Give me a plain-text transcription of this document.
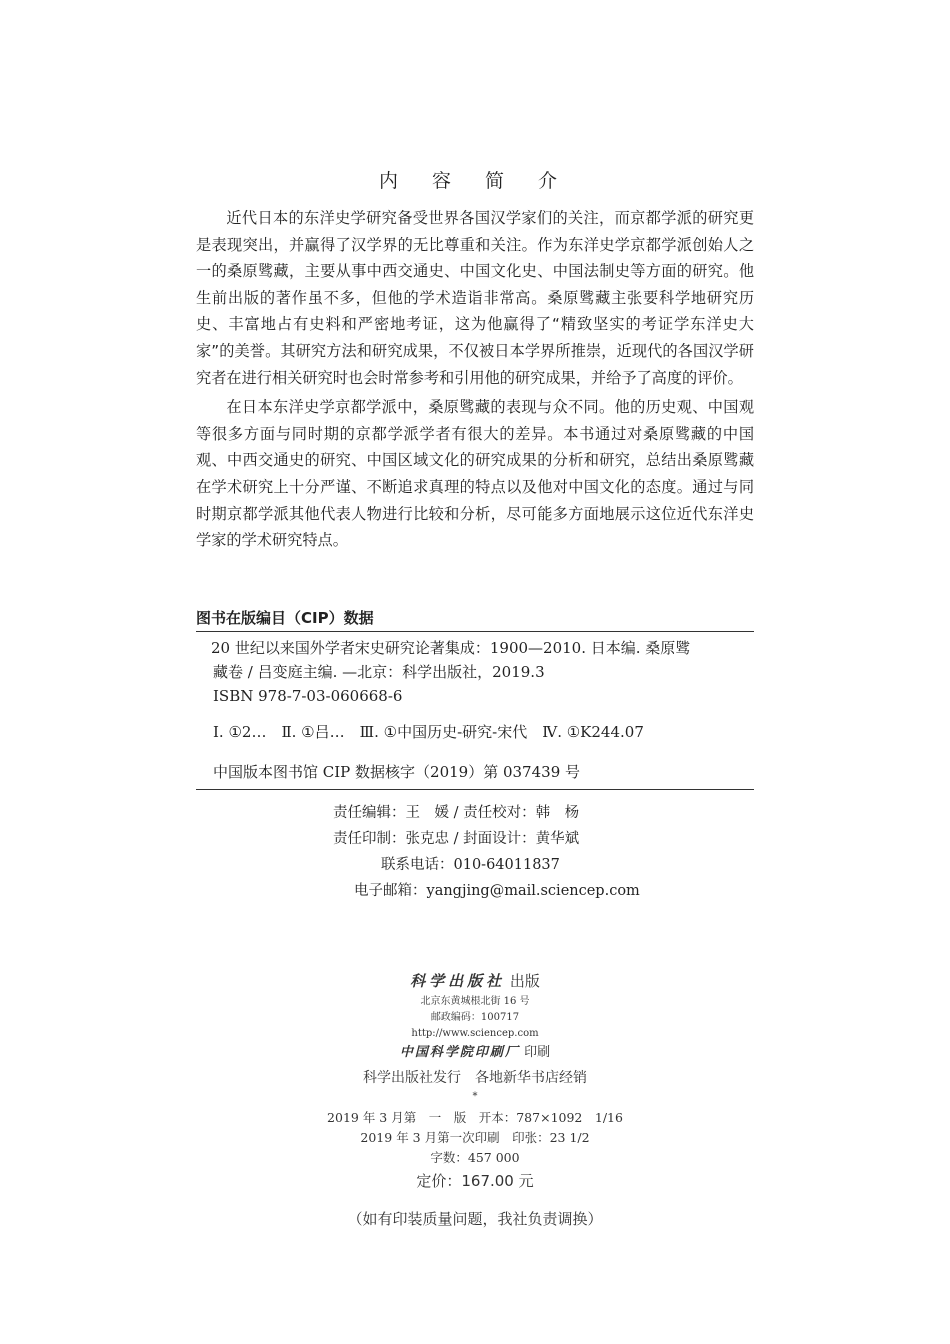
内 容 简 介

近代日本的东洋史学研究备受世界各国汉学家们的关注，而京都学派的研究更是表现突出，并赢得了汉学界的无比尊重和关注。作为东洋史学京都学派创始人之一的桑原骘藏，主要从事中西交通史、中国文化史、中国法制史等方面的研究。他生前出版的著作虽不多，但他的学术造诣非常高。桑原骘藏主张要科学地研究历史、丰富地占有史料和严密地考证，这为他赢得了“精致坚实的考证学东洋史大家”的美誉。其研究方法和研究成果，不仅被日本学界所推崇，近现代的各国汉学研究者在进行相关研究时也会时常参考和引用他的研究成果，并给予了高度的评价。

在日本东洋史学京都学派中，桑原骘藏的表现与众不同。他的历史观、中国观等很多方面与同时期的京都学派学者有很大的差异。本书通过对桑原骘藏的中国观、中西交通史的研究、中国区域文化的研究成果的分析和研究，总结出桑原骘藏在学术研究上十分严谨、不断追求真理的特点以及他对中国文化的态度。通过与同时期京都学派其他代表人物进行比较和分析，尽可能多方面地展示这位近代东洋史学家的学术研究特点。

图书在版编目（CIP）数据
20 世纪以来国外学者宋史研究论著集成：1900—2010. 日本编. 桑原骘
藏卷 / 吕变庭主编. —北京：科学出版社，2019.3
ISBN 978-7-03-060668-6
Ⅰ. ①2…　Ⅱ. ①吕…　Ⅲ. ①中国历史-研究-宋代　Ⅳ. ①K244.07
中国版本图书馆 CIP 数据核字（2019）第 037439 号
责任编辑：王　媛 / 责任校对：韩　杨
责任印制：张克忠 / 封面设计：黄华斌
联系电话：010-64011837
电子邮箱：yangjing@mail.sciencep.com
科学出版社 出版
北京东黄城根北街 16 号
邮政编码：100717
http://www.sciencep.com
中国科学院印刷厂 印刷
科学出版社发行　各地新华书店经销
*
2019 年 3 月第　一　版　开本：787×1092　1/16
2019 年 3 月第一次印刷　印张：23 1/2
字数：457 000
定价：167.00 元
（如有印装质量问题，我社负责调换）
